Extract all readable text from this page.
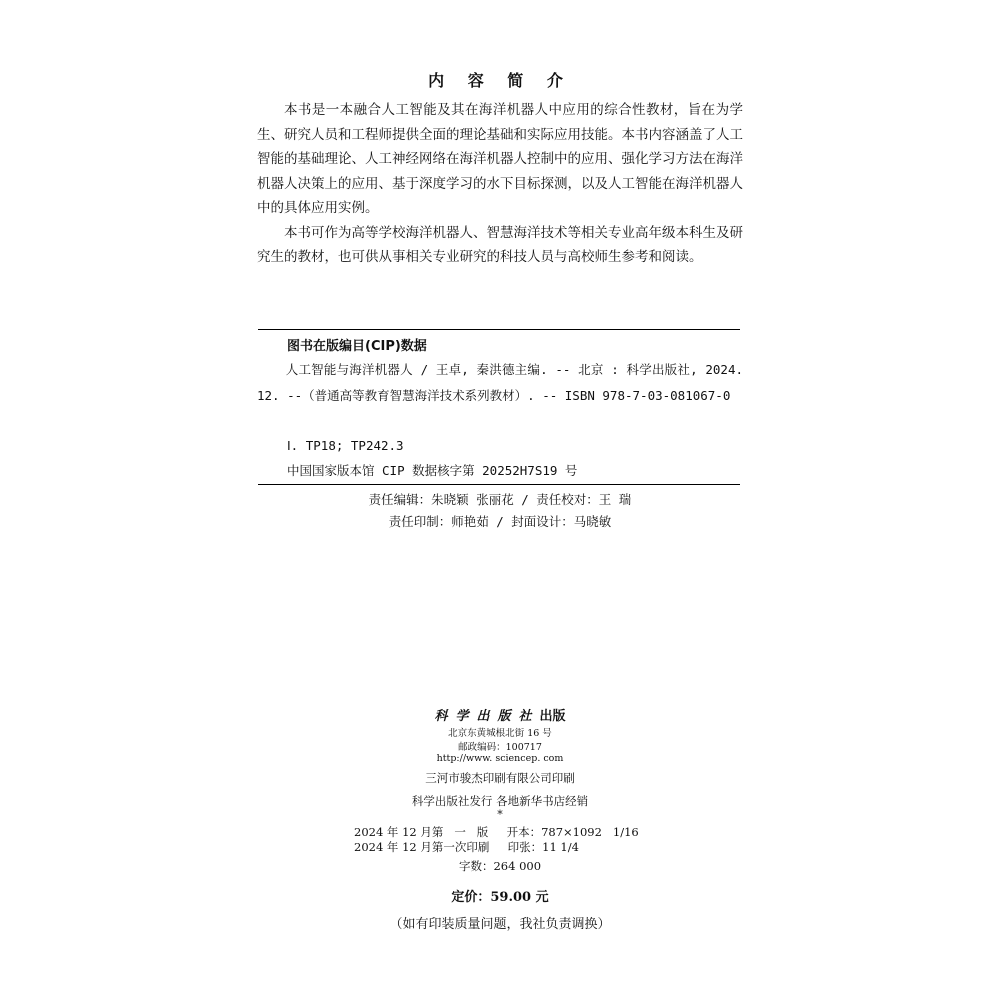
内 容 简 介

本书是一本融合人工智能及其在海洋机器人中应用的综合性教材，旨在为学生、研究人员和工程师提供全面的理论基础和实际应用技能。本书内容涵盖了人工智能的基础理论、人工神经网络在海洋机器人控制中的应用、强化学习方法在海洋机器人决策上的应用、基于深度学习的水下目标探测，以及人工智能在海洋机器人中的具体应用实例。

本书可作为高等学校海洋机器人、智慧海洋技术等相关专业高年级本科生及研究生的教材，也可供从事相关专业研究的科技人员与高校师生参考和阅读。

图书在版编目(CIP)数据
人工智能与海洋机器人 / 王卓, 秦洪德主编. -- 北京 : 科学出版社, 2024. 12. --（普通高等教育智慧海洋技术系列教材）. -- ISBN 978-7-03-081067-0
Ⅰ. TP18; TP242.3
中国国家版本馆 CIP 数据核字第 20252H7S19 号
责任编辑：朱晓颖 张丽花 / 责任校对：王 瑞
责任印制：师艳茹 / 封面设计：马晓敏
科学出版社出版
北京东黄城根北街 16 号
邮政编码：100717
http://www. sciencep. com
三河市骏杰印刷有限公司印刷
科学出版社发行 各地新华书店经销
*
2024 年 12 月第   一   版     开本：787×1092   1/16
2024 年 12 月第一次印刷     印张：11 1/4
字数：264 000
定价：59.00 元
（如有印装质量问题，我社负责调换）
